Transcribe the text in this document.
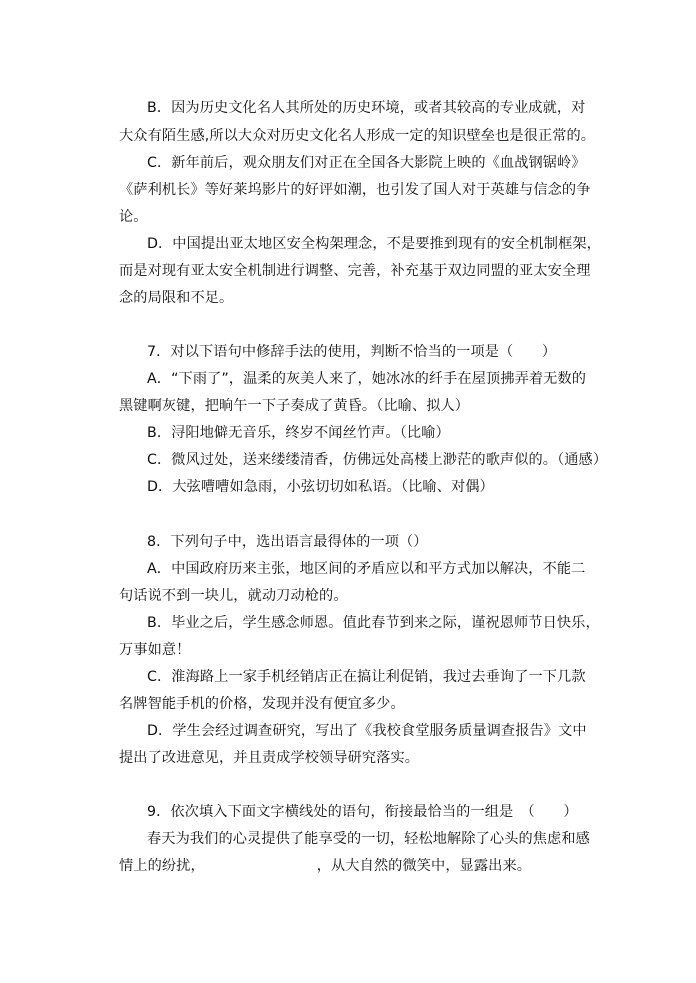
B．因为历史文化名人其所处的历史环境，或者其较高的专业成就，对
大众有陌生感,所以大众对历史文化名人形成一定的知识壁垒也是很正常的。
C．新年前后，观众朋友们对正在全国各大影院上映的《血战钢锯岭》
《萨利机长》等好莱坞影片的好评如潮，也引发了国人对于英雄与信念的争
论。
D．中国提出亚太地区安全构架理念，不是要推到现有的安全机制框架，
而是对现有亚太安全机制进行调整、完善，补充基于双边同盟的亚太安全理
念的局限和不足。
7．对以下语句中修辞手法的使用，判断不恰当的一项是（　　）
A．“下雨了”，温柔的灰美人来了，她冰冰的纤手在屋顶拂弄着无数的
黑键啊灰键，把晌午一下子奏成了黄昏。（比喻、拟人）
B．浔阳地僻无音乐，终岁不闻丝竹声。（比喻）
C．微风过处，送来缕缕清香，仿佛远处高楼上渺茫的歌声似的。（通感）
D．大弦嘈嘈如急雨，小弦切切如私语。（比喻、对偶）
8．下列句子中，选出语言最得体的一项（）
A．中国政府历来主张，地区间的矛盾应以和平方式加以解决，不能二
句话说不到一块儿，就动刀动枪的。
B．毕业之后，学生感念师恩。值此春节到来之际，谨祝恩师节日快乐，
万事如意！
C．淮海路上一家手机经销店正在搞让利促销，我过去垂询了一下几款
名牌智能手机的价格，发现并没有便宜多少。
D．学生会经过调查研究，写出了《我校食堂服务质量调查报告》文中
提出了改进意见，并且责成学校领导研究落实。
9．依次填入下面文字横线处的语句，衔接最恰当的一组是　（　　）
春天为我们的心灵提供了能享受的一切，轻松地解除了心头的焦虑和感
情上的纷扰，	，从大自然的微笑中，显露出来。
